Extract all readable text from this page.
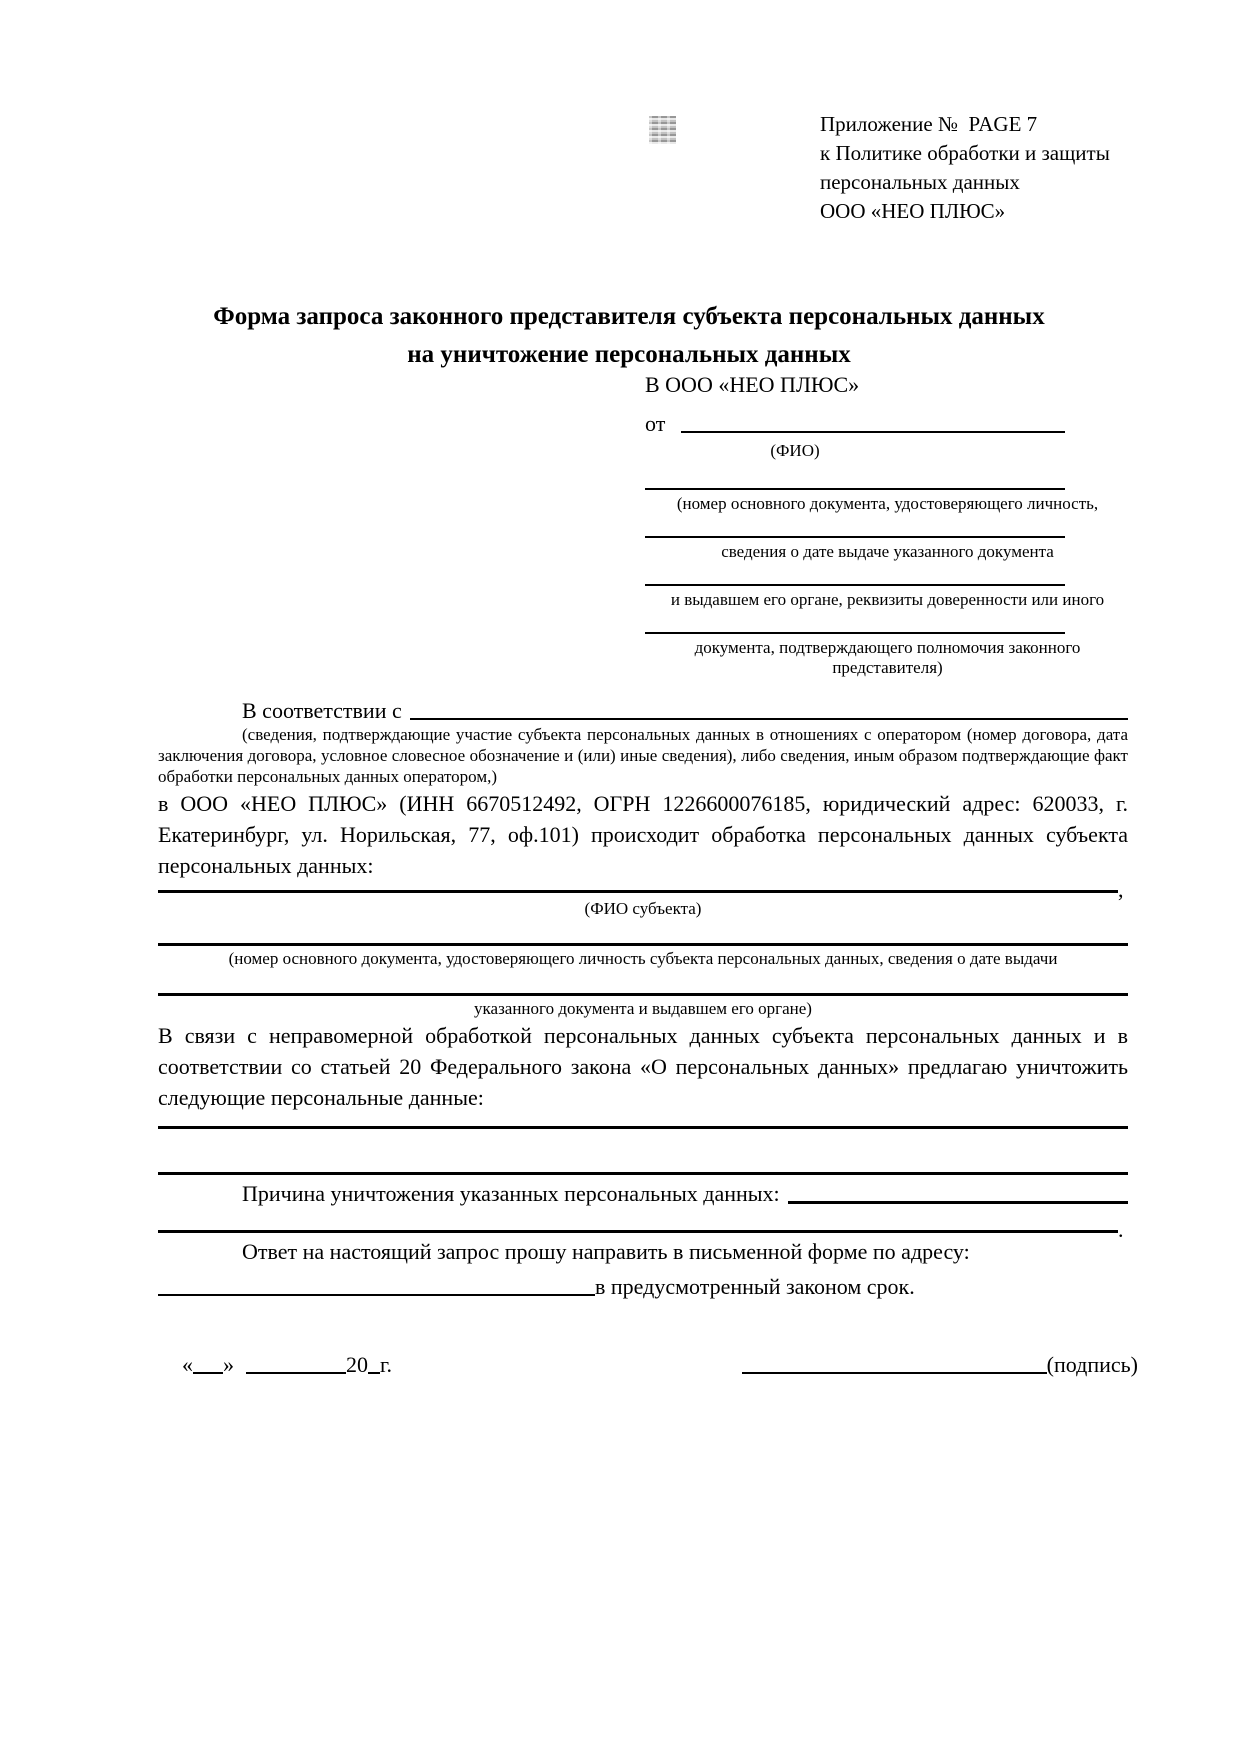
Приложение №  PAGE 7
к Политике обработки и защиты
персональных данных
ООО «НЕО ПЛЮС»
Форма запроса законного представителя субъекта персональных данных
на уничтожение персональных данных
В ООО «НЕО ПЛЮС»
от
(ФИО)
(номер основного документа, удостоверяющего личность,
сведения о дате выдаче указанного документа
и выдавшем его органе, реквизиты доверенности или иного
документа, подтверждающего полномочия законного представителя)
В соответствии с
(сведения, подтверждающие участие субъекта персональных данных в отношениях с оператором (номер договора, дата заключения договора, условное словесное обозначение и (или) иные сведения), либо сведения, иным образом подтверждающие факт обработки персональных данных оператором,)
в ООО «НЕО ПЛЮС» (ИНН 6670512492, ОГРН 1226600076185, юридический адрес: 620033, г. Екатеринбург, ул. Норильская, 77, оф.101) происходит обработка персональных данных субъекта персональных данных:
,
(ФИО субъекта)
(номер основного документа, удостоверяющего личность субъекта персональных данных, сведения о дате выдачи
указанного документа и выдавшем его органе)
В связи с неправомерной обработкой персональных данных субъекта персональных данных и в соответствии со статьей 20 Федерального закона «О персональных данных» предлагаю уничтожить следующие персональные данные:
Причина уничтожения указанных персональных данных:
.
Ответ на настоящий запрос прошу направить в письменной форме по адресу:
в предусмотренный законом срок.
« »	20 г.	(подпись)
